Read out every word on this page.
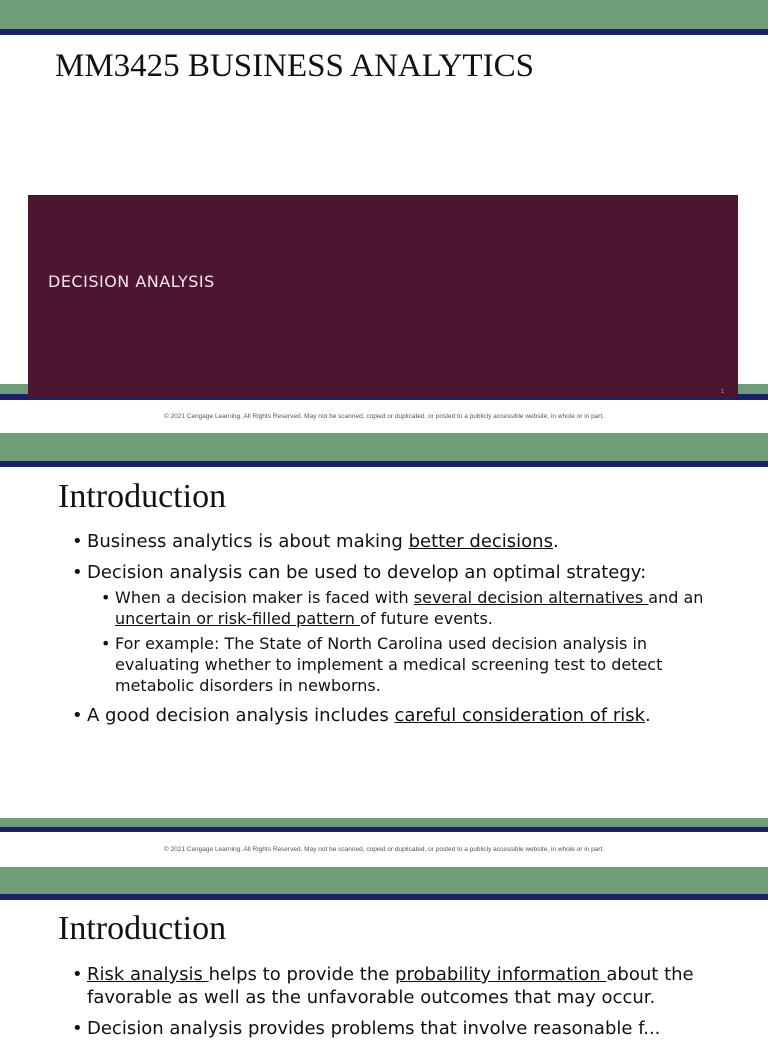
MM3425 BUSINESS ANALYTICS
DECISION ANALYSIS
1
© 2021 Cengage Learning. All Rights Reserved. May not be scanned, copied or duplicated, or posted to a publicly accessible website, in whole or in part.
Introduction
• Business analytics is about making better decisions.
• Decision analysis can be used to develop an optimal strategy:
• When a decision maker is faced with several decision alternatives and an uncertain or risk-filled pattern of future events.
• For example: The State of North Carolina used decision analysis in evaluating whether to implement a medical screening test to detect metabolic disorders in newborns.
• A good decision analysis includes careful consideration of risk.
© 2021 Cengage Learning. All Rights Reserved. May not be scanned, copied or duplicated, or posted to a publicly accessible website, in whole or in part.
Introduction
• Risk analysis helps to provide the probability information about the favorable as well as the unfavorable outcomes that may occur.
• Decision analysis provides problems that involve reasonable f...
